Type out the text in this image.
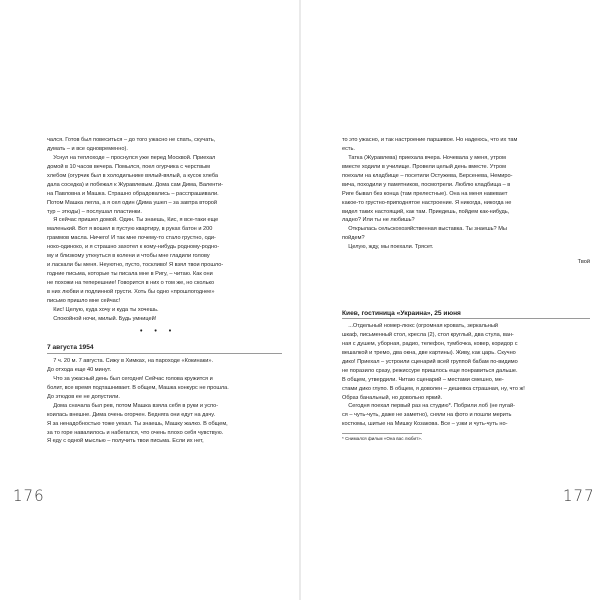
чался. Готов был повеситься – до того ужасно не спать, скучать,
думать – и все одновременно).
Уснул на теплоходе – проснулся уже перед Москвой. Приехал
домой в 10 часов вечера. Помылся, поел огурчика с черствым
хлебом (огурчик был в холодильнике вялый-вялый, а кусок хлеба
дала соседка) и побежал к Журавлевым. Дома сам Дима, Валенти-
на Павловна и Машка. Страшно обрадовались – расспрашивали.
Потом Машка легла, а я сел один (Дима ушел – за завтра второй
тур – этюды) – послушал пластинки.
Я сейчас пришел домой. Один. Ты знаешь, Кис, я все-таки еще
маленький. Вот я вошел в пустую квартиру, в руках батон и 200
граммов масла. Ничего! И так мне почему-то стало грустно, оди-
ноко-одиноко, и я страшно захотел к кому-нибудь родному-родно-
му и близкому уткнуться в колени и чтобы мне гладили голову
и ласкали бы меня. Неуютно, пусто, тоскливо! Я взял твои прошло-
годние письма, которые ты писала мне в Ригу, – читаю. Как они
не похожи на теперешние! Говорится в них о том же, но сколько
в них любви и подлинной грусти. Хоть бы одно «прошлогоднее»
письмо пришло мне сейчас!
Кис! Целую, куда хочу и куда ты хочешь.
Спокойной ночи, милый. Будь умницей!
• • •
7 августа 1954
7 ч. 20 м. 7 августа. Сижу в Химках, на пароходе «Кокинаки».
До отхода еще 40 минут.
Что за ужасный день был сегодня! Сейчас голова кружится и
болит, все время подташнивает. В общем, Машка конкурс не прошла.
До этюдов ее не допустили.
Дома сначала был рев, потом Машка взяла себя в руки и успо-
коилась внешне. Дима очень огорчен. Бедняга они едут на дачу.
Я за ненадобностью тоже уехал. Ты знаешь, Машку жалко. В общем,
за то горе навалилось и набегался, что очень плохо себя чувствую.
Я еду с одной мыслью – получить твои письма. Если их нет,
176
то это ужасно, и так настроение паршивое. Но надеюсь, что их там
есть.
Татка (Журавлева) приехала вчера. Ночевала у меня, утром
вместе ходили в училище. Провели целый день вместе. Утром
поехали на кладбище – посетили Остужева, Берсенева, Немиро-
вича, походили у памятников, посмотрели. Люблю кладбища – в
Риге бывал без конца (там прелестные). Она на меня навевает
какое-то грустно-приподнятое настроение. Я никогда, никогда не
видел таких настоящий, как там. Приедешь, пойдем как-нибудь,
ладно? Или ты не любишь?
Открылась сельскохозяйственная выставка. Ты знаешь? Мы
пойдем?
Целую, жду, мы поехали. Трясет.
Твой
Киев, гостиница «Украина», 25 июня
...Отдельный номер-люкс (огромная кровать, зеркальный
шкаф, письменный стол, кресла (2), стол круглый, два стула, ван-
ная с душем, уборная, радио, телефон, тумбочка, ковер, коридор с
вешалкой и тремо, два окна, две картины). Живу, как царь. Скучно
дико! Приехал – устроили сценарий всей группой бабам по-видимо
не поразило сразу, режиссуре пришлось еще понравиться дальше.
В общем, утвердили. Читаю сценарий – местами смешно, ме-
стами дико глупо. В общем, я доволен – дешевка страшная, ну, что ж!
Образ банальный, но довольно яркий.
Сегодня поехал первый раз на студию*. Побрили лоб (не пугай-
ся – чуть-чуть, даже не заметно), сняли на фото и пошли мерить
костюмы, шитые на Мишку Козакова. Все – узки и чуть-чуть но-
* Снимался фильм «Она вас любит».
177
